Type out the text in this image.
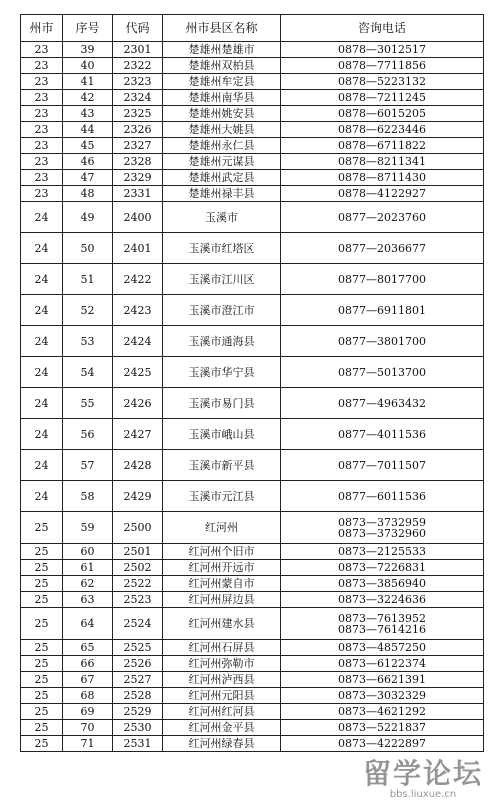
州市	序号	代码	州市县区名称	咨询电话
23	39	2301	楚雄州楚雄市	0878—3012517

23	40	2322	楚雄州双柏县	0878—7711856

23	41	2323	楚雄州牟定县	0878—5223132

23	42	2324	楚雄州南华县	0878—7211245

23	43	2325	楚雄州姚安县	0878—6015205

23	44	2326	楚雄州大姚县	0878—6223446

23	45	2327	楚雄州永仁县	0878—6711822

23	46	2328	楚雄州元谋县	0878—8211341

23	47	2329	楚雄州武定县	0878—8711430

23	48	2331	楚雄州禄丰县	0878—4122927

24	49	2400	玉溪市	0877—2023760

24	50	2401	玉溪市红塔区	0877—2036677

24	51	2422	玉溪市江川区	0877—8017700

24	52	2423	玉溪市澄江市	0877—6911801

24	53	2424	玉溪市通海县	0877—3801700

24	54	2425	玉溪市华宁县	0877—5013700

24	55	2426	玉溪市易门县	0877—4963432

24	56	2427	玉溪市峨山县	0877—4011536

24	57	2428	玉溪市新平县	0877—7011507

24	58	2429	玉溪市元江县	0877—6011536

25	59	2500	红河州	0873—3732959
0873—3732960

25	60	2501	红河州个旧市	0873—2125533

25	61	2502	红河州开远市	0873—7226831

25	62	2522	红河州蒙自市	0873—3856940

25	63	2523	红河州屏边县	0873—3224636

25	64	2524	红河州建水县	0873—7613952
0873—7614216

25	65	2525	红河州石屏县	0873—4857250

25	66	2526	红河州弥勒市	0873—6122374

25	67	2527	红河州泸西县	0873—6621391

25	68	2528	红河州元阳县	0873—3032329

25	69	2529	红河州红河县	0873—4621292

25	70	2530	红河州金平县	0873—5221837

25	71	2531	红河州绿春县	0873—4222897
留学论坛
bbs.liuxue.cn
